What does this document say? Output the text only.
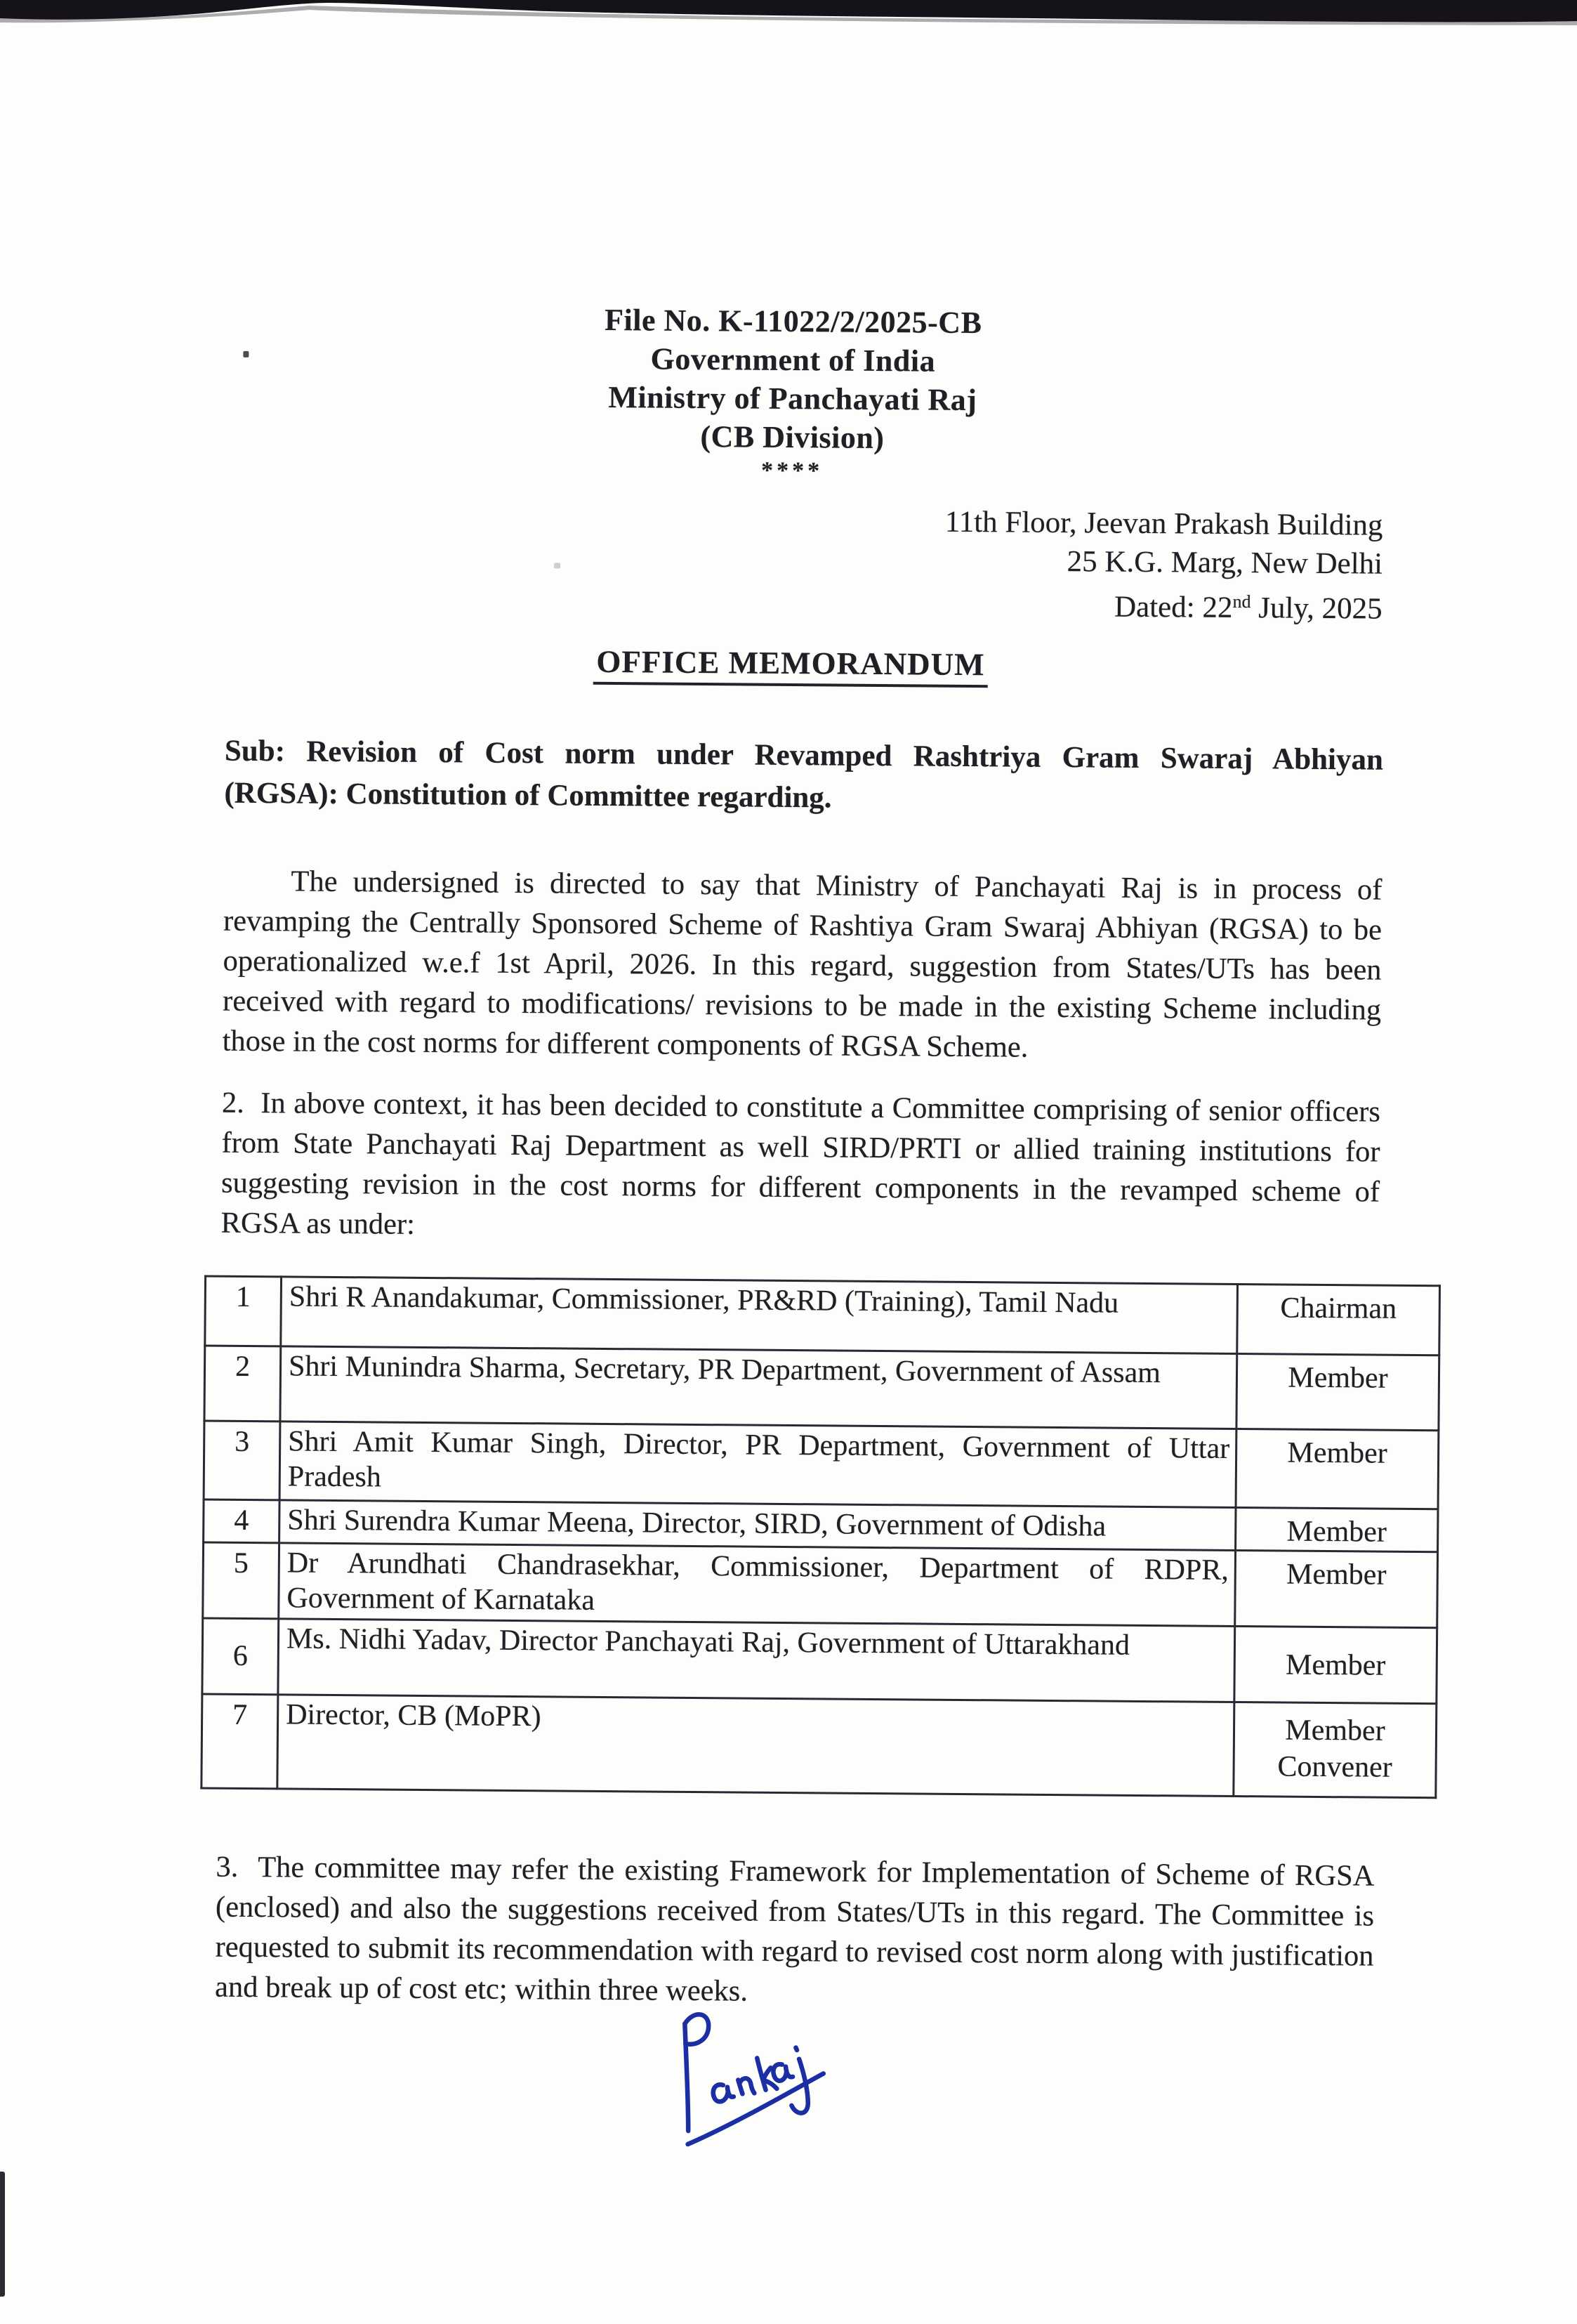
File No. K-11022/2/2025-CB
Government of India
Ministry of Panchayati Raj
(CB Division)
****
11th Floor, Jeevan Prakash Building
25 K.G. Marg, New Delhi
Dated: 22nd July, 2025
OFFICE MEMORANDUM
Sub: Revision of Cost norm under Revamped Rashtriya Gram Swaraj Abhiyan
(RGSA): Constitution of Committee regarding.
The undersigned is directed to say that Ministry of Panchayati Raj is in process of revamping the Centrally Sponsored Scheme of Rashtiya Gram Swaraj Abhiyan (RGSA) to be operationalized w.e.f 1st April, 2026. In this regard, suggestion from States/UTs has been received with regard to modifications/ revisions to be made in the existing Scheme including those in the cost norms for different components of RGSA Scheme.
2.  In above context, it has been decided to constitute a Committee comprising of senior officers from State Panchayati Raj Department as well SIRD/PRTI or allied training institutions for suggesting revision in the cost norms for different components in the revamped scheme of RGSA as under:
1	Shri R Anandakumar, Commissioner, PR&RD (Training), Tamil Nadu	Chairman
2	Shri Munindra Sharma, Secretary, PR Department, Government of Assam	Member
3	Shri Amit Kumar Singh, Director, PR Department, Government of Uttar Pradesh	Member
4	Shri Surendra Kumar Meena, Director, SIRD, Government of Odisha	Member
5	Dr Arundhati Chandrasekhar, Commissioner, Department of RDPR, Government of Karnataka	Member
6	Ms. Nidhi Yadav, Director Panchayati Raj, Government of Uttarakhand	Member
7	Director, CB (MoPR)	Member Convener
3.  The committee may refer the existing Framework for Implementation of Scheme of RGSA (enclosed) and also the suggestions received from States/UTs in this regard. The Committee is requested to submit its recommendation with regard to revised cost norm along with justification and break up of cost etc; within three weeks.
